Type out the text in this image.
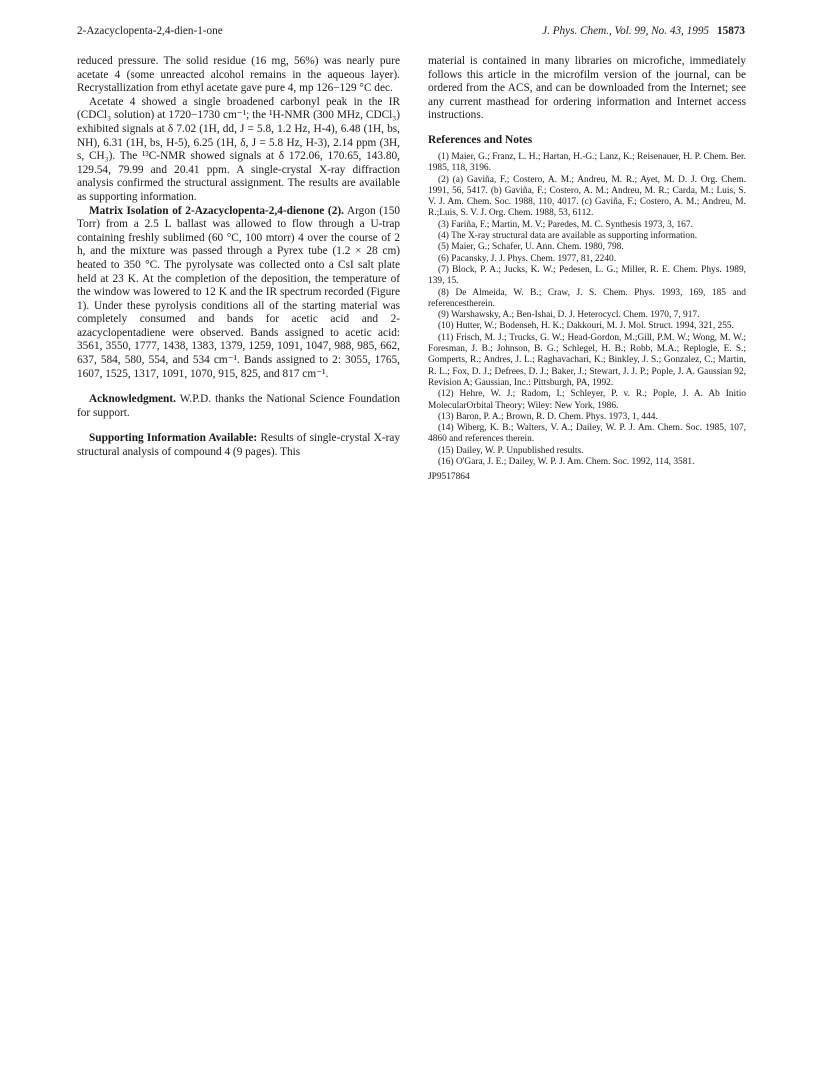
2-Azacyclopenta-2,4-dien-1-one	J. Phys. Chem., Vol. 99, No. 43, 1995 15873

reduced pressure. The solid residue (16 mg, 56%) was nearly pure acetate 4 (some unreacted alcohol remains in the aqueous layer). Recrystallization from ethyl acetate gave pure 4, mp 126−129 °C dec.

Acetate 4 showed a single broadened carbonyl peak in the IR (CDCl₃ solution) at 1720−1730 cm⁻¹; the ¹H-NMR (300 MHz, CDCl₃) exhibited signals at δ 7.02 (1H, dd, J = 5.8, 1.2 Hz, H-4), 6.48 (1H, bs, NH), 6.31 (1H, bs, H-5), 6.25 (1H, δ, J = 5.8 Hz, H-3), 2.14 ppm (3H, s, CH₃). The ¹³C-NMR showed signals at δ 172.06, 170.65, 143.80, 129.54, 79.99 and 20.41 ppm. A single-crystal X-ray diffraction analysis confirmed the structural assignment. The results are available as supporting information.

Matrix Isolation of 2-Azacyclopenta-2,4-dienone (2). Argon (150 Torr) from a 2.5 L ballast was allowed to flow through a U-trap containing freshly sublimed (60 °C, 100 mtorr) 4 over the course of 2 h, and the mixture was passed through a Pyrex tube (1.2 × 28 cm) heated to 350 °C. The pyrolysate was collected onto a CsI salt plate held at 23 K. At the completion of the deposition, the temperature of the window was lowered to 12 K and the IR spectrum recorded (Figure 1). Under these pyrolysis conditions all of the starting material was completely consumed and bands for acetic acid and 2-azacyclopentadiene were observed. Bands assigned to acetic acid: 3561, 3550, 1777, 1438, 1383, 1379, 1259, 1091, 1047, 988, 985, 662, 637, 584, 580, 554, and 534 cm⁻¹. Bands assigned to 2: 3055, 1765, 1607, 1525, 1317, 1091, 1070, 915, 825, and 817 cm⁻¹.

Acknowledgment. W.P.D. thanks the National Science Foundation for support.

Supporting Information Available: Results of single-crystal X-ray structural analysis of compound 4 (9 pages). This

material is contained in many libraries on microfiche, immediately follows this article in the microfilm version of the journal, can be ordered from the ACS, and can be downloaded from the Internet; see any current masthead for ordering information and Internet access instructions.

References and Notes
(1) Maier, G.; Franz, L. H.; Hartan, H.-G.; Lanz, K.; Reisenauer, H. P. Chem. Ber. 1985, 118, 3196.
(2) (a) Gaviña, F.; Costero, A. M.; Andreu, M. R.; Ayet, M. D. J. Org. Chem. 1991, 56, 5417. (b) Gaviña, F.; Costero, A. M.; Andreu, M. R.; Carda, M.; Luis, S. V. J. Am. Chem. Soc. 1988, 110, 4017. (c) Gaviña, F.; Costero, A. M.; Andreu, M. R.;Luis, S. V. J. Org. Chem. 1988, 53, 6112.
(3) Fariña, F.; Martin, M. V.; Paredes, M. C. Synthesis 1973, 3, 167.
(4) The X-ray structural data are available as supporting information.
(5) Maier, G.; Schafer, U. Ann. Chem. 1980, 798.
(6) Pacansky, J. J. Phys. Chem. 1977, 81, 2240.
(7) Block, P. A.; Jucks, K. W.; Pedesen, L. G.; Miller, R. E. Chem. Phys. 1989, 139, 15.
(8) De Almeida, W. B.; Craw, J. S. Chem. Phys. 1993, 169, 185 and referencestherein.
(9) Warshawsky, A.; Ben-Ishai, D. J. Heterocycl. Chem. 1970, 7, 917.
(10) Hutter, W.; Bodenseh, H. K.; Dakkouri, M. J. Mol. Struct. 1994, 321, 255.
(11) Frisch, M. J.; Trucks, G. W.; Head-Gordon, M.;Gill, P.M. W.; Wong, M. W.; Foresman, J. B.; Johnson, B. G.; Schlegel, H. B.; Robb, M.A.; Replogle, E. S.; Gomperts, R.; Andres, J. L.; Raghavachari, K.; Binkley, J. S.; Gonzalez, C.; Martin, R. L.; Fox, D. J.; Defrees, D. J.; Baker, J.; Stewart, J. J. P.; Pople, J. A. Gaussian 92, Revision A; Gaussian, Inc.: Pittsburgh, PA, 1992.
(12) Hehre, W. J.; Radom, I.; Schleyer, P. v. R.; Pople, J. A. Ab Initio MolecularOrbital Theory; Wiley: New York, 1986.
(13) Baron, P. A.; Brown, R. D. Chem. Phys. 1973, 1, 444.
(14) Wiberg, K. B.; Walters, V. A.; Dailey, W. P. J. Am. Chem. Soc. 1985, 107, 4860 and references therein.
(15) Dailey, W. P. Unpublished results.
(16) O'Gara, J. E.; Dailey, W. P. J. Am. Chem. Soc. 1992, 114, 3581.
JP9517864
